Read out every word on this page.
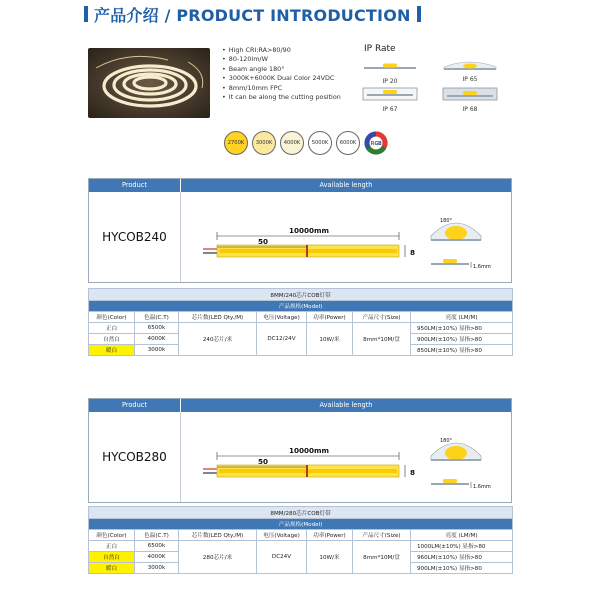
产品介绍 / PRODUCT INTRODUCTION
• High CRI:RA>80/90
• 80-120lm/W
• Beam angle 180°
• 3000K+6000K Dual Color 24VDC
• 8mm/10mm FPC
• It can be along the cutting position
IP Rate
IP 20	IP 65
IP 67	IP 68
2700K	3000K	4000K	5000K	6000K	R G B
Product	Available length
HYCOB240	10000mm
50
8
180°
1.6mm
8MM/240芯片COB灯带						
产品规格(Model)						
颜色(Color)	色温(C.T)	芯片数(LED Qty./M)	电压(Voltage)	功率(Power)	产品尺寸(Size)	亮度 (LM/M)
正白	6500k	240芯片/米	DC12/24V	10W/米	8mm*10M/盘	950LM(±10%) 显指>80
自然白	4000K					900LM(±10%) 显指>80
暖白	3000k					850LM(±10%) 显指>80
Product	Available length
HYCOB280	10000mm
50
8
180°
1.6mm
8MM/280芯片COB灯带						
产品规格(Model)						
颜色(Color)	色温(C.T)	芯片数(LED Qty./M)	电压(Voltage)	功率(Power)	产品尺寸(Size)	亮度 (LM/M)
正白	6500k	280芯片/米	DC24V	10W/米	8mm*10M/盘	1000LM(±10%) 显指>80
自然白	4000K					960LM(±10%) 显指>80
暖白	3000k					900LM(±10%) 显指>80
